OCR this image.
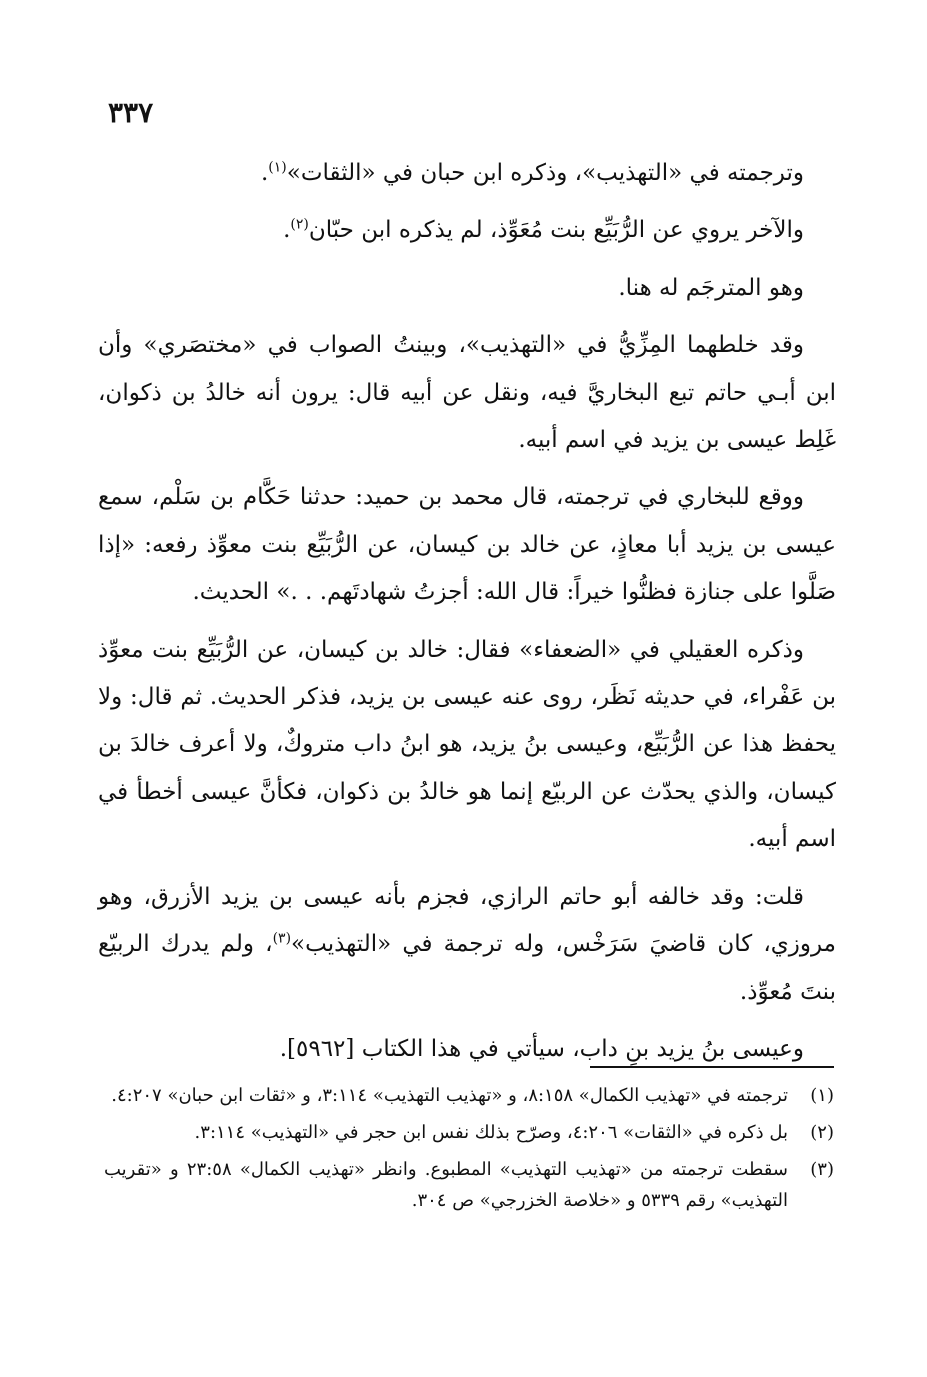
٣٣٧

وترجمته في «التهذيب»، وذكره ابن حبان في «الثقات»$^{(١)}$.

والآخر يروي عن الرُّبَيِّع بنت مُعَوِّذ، لم يذكره ابن حبّان$^{(٢)}$.

وهو المترجَم له هنا.

وقد خلطهما المِزِّيُّ في «التهذيب»، وبينتُ الصواب في «مختصَري» وأن ابن أبـي حاتم تبع البخاريَّ فيه، ونقل عن أبيه قال: يرون أنه خالدُ بن ذكوان، غَلِط عيسى بن يزيد في اسم أبيه.

ووقع للبخاري في ترجمته، قال محمد بن حميد: حدثنا حَكَّام بن سَلْم، سمع عيسى بن يزيد أبا معاذٍ، عن خالد بن كيسان، عن الرُّبَيِّع بنت معوِّذ رفعه: «إذا صَلَّوا على جنازة فظنُّوا خيراً: قال الله: أجزتُ شهادتَهم. . .» الحديث.

وذكره العقيلي في «الضعفاء» فقال: خالد بن كيسان، عن الرُّبَيِّع بنت معوِّذ بن عَفْراء، في حديثه نَظَر، روى عنه عيسى بن يزيد، فذكر الحديث. ثم قال: ولا يحفظ هذا عن الرُّبَيِّع، وعيسى بنُ يزيد، هو ابنُ داب متروكٌ، ولا أعرف خالدَ بن كيسان، والذي يحدّث عن الربيّع إنما هو خالدُ بن ذكوان، فكأنَّ عيسى أخطأ في اسم أبيه.

قلت: وقد خالفه أبو حاتم الرازي، فجزم بأنه عيسى بن يزيد الأزرق، وهو مروزي، كان قاضيَ سَرَخْس، وله ترجمة في «التهذيب»$^{(٣)}$، ولم يدرك الربيّع بنتَ مُعوِّذ.

وعيسى بنُ يزيد بنِ داب، سيأتي في هذا الكتاب [٥٩٦٢].

(١)
ترجمته في «تهذيب الكمال» ٨:١٥٨، و «تهذيب التهذيب» ٣:١١٤، و «ثقات ابن حبان» ٤:٢٠٧.
(٢)
بل ذكره في «الثقات» ٤:٢٠٦، وصرّح بذلك نفس ابن حجر في «التهذيب» ٣:١١٤.
(٣)
سقطت ترجمته من «تهذيب التهذيب» المطبوع. وانظر «تهذيب الكمال» ٢٣:٥٨ و «تقريب التهذيب» رقم ٥٣٣٩ و «خلاصة الخزرجي» ص ٣٠٤.
